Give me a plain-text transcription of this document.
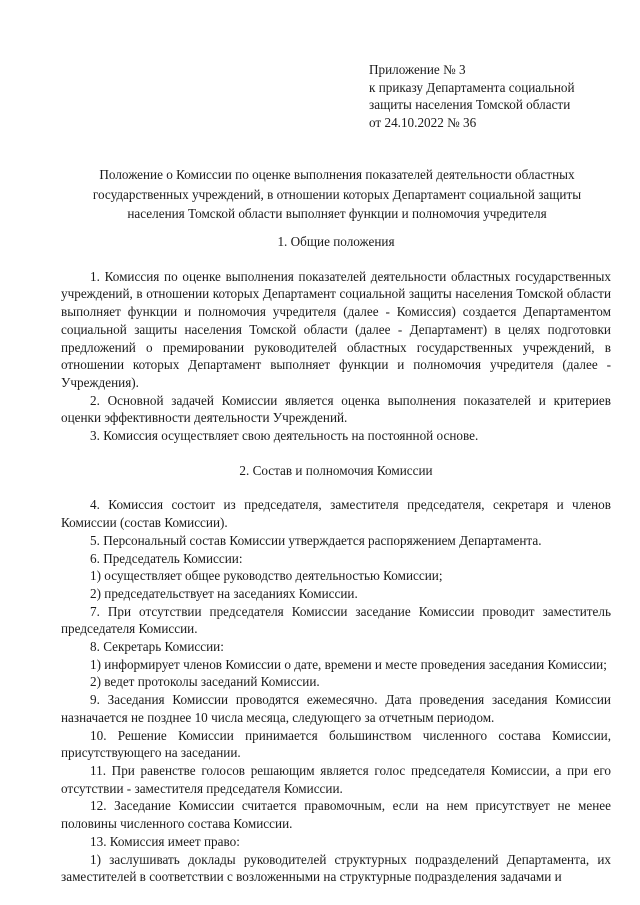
Приложение № 3
к приказу Департамента социальной
защиты населения Томской области
от 24.10.2022 № 36
Положение о Комиссии по оценке выполнения показателей деятельности областных
государственных учреждений, в отношении которых Департамент социальной защиты
населения Томской области выполняет функции и полномочия учредителя
1. Общие положения

1. Комиссия по оценке выполнения показателей деятельности областных государственных учреждений, в отношении которых Департамент социальной защиты населения Томской области выполняет функции и полномочия учредителя (далее - Комиссия) создается Департаментом социальной защиты населения Томской области (далее - Департамент) в целях подготовки предложений о премировании руководителей областных государственных учреждений, в отношении которых Департамент выполняет функции и полномочия учредителя (далее - Учреждения).

2. Основной задачей Комиссии является оценка выполнения показателей и критериев оценки эффективности деятельности Учреждений.

3. Комиссия осуществляет свою деятельность на постоянной основе.

2. Состав и полномочия Комиссии

4. Комиссия состоит из председателя, заместителя председателя, секретаря и членов Комиссии (состав Комиссии).

5. Персональный состав Комиссии утверждается распоряжением Департамента.

6. Председатель Комиссии:

1) осуществляет общее руководство деятельностью Комиссии;

2) председательствует на заседаниях Комиссии.

7. При отсутствии председателя Комиссии заседание Комиссии проводит заместитель председателя Комиссии.

8. Секретарь Комиссии:

1) информирует членов Комиссии о дате, времени и месте проведения заседания Комиссии;

2) ведет протоколы заседаний Комиссии.

9. Заседания Комиссии проводятся ежемесячно. Дата проведения заседания Комиссии назначается не позднее 10 числа месяца, следующего за отчетным периодом.

10. Решение Комиссии принимается большинством численного состава Комиссии, присутствующего на заседании.

11. При равенстве голосов решающим является голос председателя Комиссии, а при его отсутствии - заместителя председателя Комиссии.

12. Заседание Комиссии считается правомочным, если на нем присутствует не менее половины численного состава Комиссии.

13. Комиссия имеет право:

1) заслушивать доклады руководителей структурных подразделений Департамента, их заместителей в соответствии с возложенными на структурные подразделения задачами и
